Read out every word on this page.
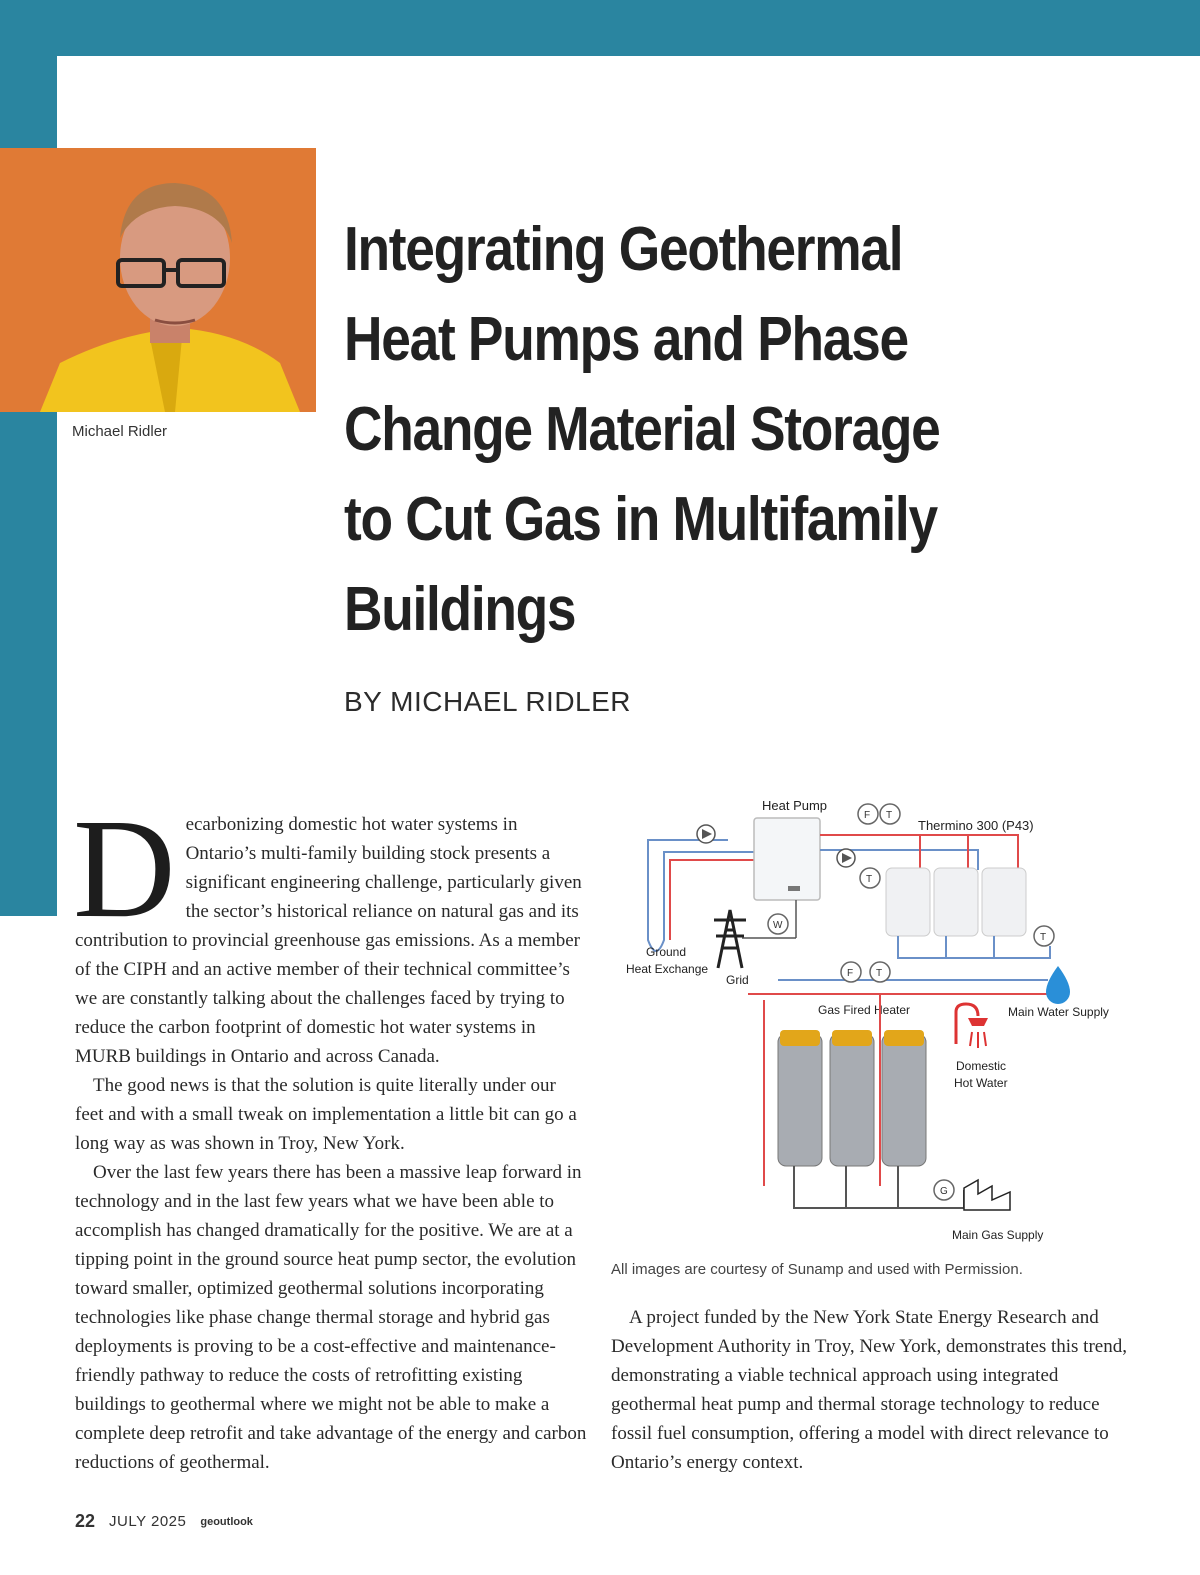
Michael Ridler
Integrating Geothermal Heat Pumps and Phase Change Material Storage to Cut Gas in Multifamily Buildings
BY MICHAEL RIDLER

Decarbonizing domestic hot water systems in Ontario’s multi-family building stock presents a significant engineering challenge, particularly given the sector’s historical reliance on natural gas and its contribution to provincial greenhouse gas emissions. As a member of the CIPH and an active member of their technical committee’s we are constantly talking about the challenges faced by trying to reduce the carbon footprint of domestic hot water systems in MURB buildings in Ontario and across Canada.

The good news is that the solution is quite literally under our feet and with a small tweak on implementation a little bit can go a long way as was shown in Troy, New York.

Over the last few years there has been a massive leap forward in technology and in the last few years what we have been able to accomplish has changed dramatically for the positive. We are at a tipping point in the ground source heat pump sector, the evolution toward smaller, optimized geothermal solutions incorporating technologies like phase change thermal storage and hybrid gas deployments is proving to be a cost-effective and maintenance-friendly pathway to reduce the costs of retrofitting existing buildings to geothermal where we might not be able to make a complete deep retrofit and take advantage of the energy and carbon reductions of geothermal.

Heat Pump
F T
Thermino 300 (P43)
T
T
W
Grid
Ground
Heat Exchange	F T
Gas Fired Heater	Main Water Supply
Domestic
Hot Water
G
Main Gas Supply
All images are courtesy of Sunamp and used with Permission.

A project funded by the New York State Energy Research and Development Authority in Troy, New York, demonstrates this trend, demonstrating a viable technical approach using integrated geothermal heat pump and thermal storage technology to reduce fossil fuel consumption, offering a model with direct relevance to Ontario’s energy context.

22 JULY 2025 geoutlook
